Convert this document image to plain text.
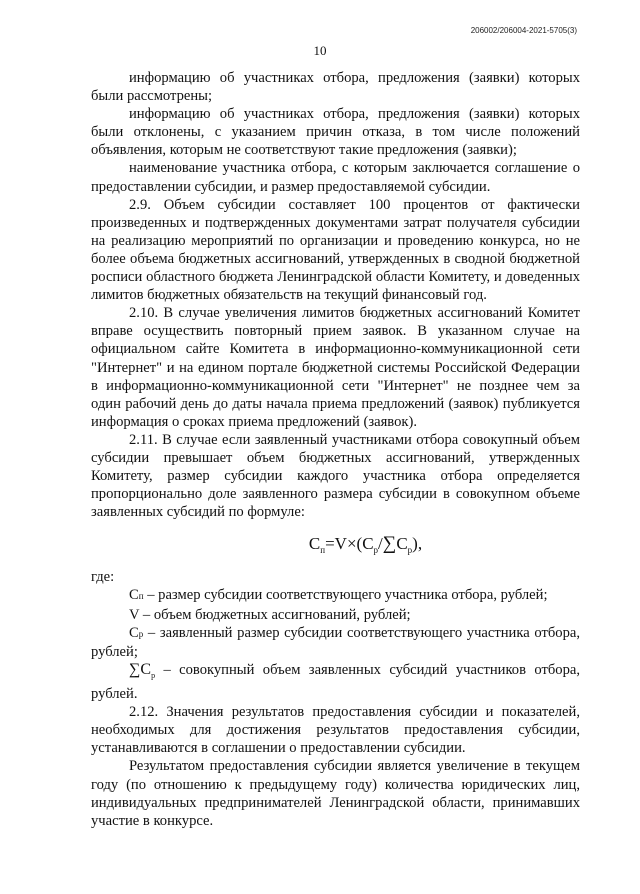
206002/206004-2021-5705(3)
10

информацию об участниках отбора, предложения (заявки) которых были рассмотрены;

информацию об участниках отбора, предложения (заявки) которых были отклонены, с указанием причин отказа, в том числе положений объявления, которым не соответствуют такие предложения (заявки);

наименование участника отбора, с которым заключается соглашение о предоставлении субсидии, и размер предоставляемой субсидии.

2.9. Объем субсидии составляет 100 процентов от фактически произведенных и подтвержденных документами затрат получателя субсидии на реализацию мероприятий по организации и проведению конкурса, но не более объема бюджетных ассигнований, утвержденных в сводной бюджетной росписи областного бюджета Ленинградской области Комитету, и доведенных лимитов бюджетных обязательств на текущий финансовый год.

2.10. В случае увеличения лимитов бюджетных ассигнований Комитет вправе осуществить повторный прием заявок. В указанном случае на официальном сайте Комитета в информационно-коммуникационной сети "Интернет" и на едином портале бюджетной системы Российской Федерации в информационно-коммуникационной сети "Интернет" не позднее чем за один рабочий день до даты начала приема предложений (заявок) публикуется информация о сроках приема предложений (заявок).

2.11. В случае если заявленный участниками отбора совокупный объем субсидии превышает объем бюджетных ассигнований, утвержденных Комитету, размер субсидии каждого участника отбора определяется пропорционально доле заявленного размера субсидии в совокупном объеме заявленных субсидий по формуле:

$C_п=V\times(C_p/\sum C_p)$,

где:

Cп – размер субсидии соответствующего участника отбора, рублей;

V – объем бюджетных ассигнований, рублей;

Cp – заявленный размер субсидии соответствующего участника отбора, рублей;

$\sum C_p$ – совокупный объем заявленных субсидий участников отбора, рублей.

2.12. Значения результатов предоставления субсидии и показателей, необходимых для достижения результатов предоставления субсидии, устанавливаются в соглашении о предоставлении субсидии.

Результатом предоставления субсидии является увеличение в текущем году (по отношению к предыдущему году) количества юридических лиц, индивидуальных предпринимателей Ленинградской области, принимавших участие в конкурсе.
